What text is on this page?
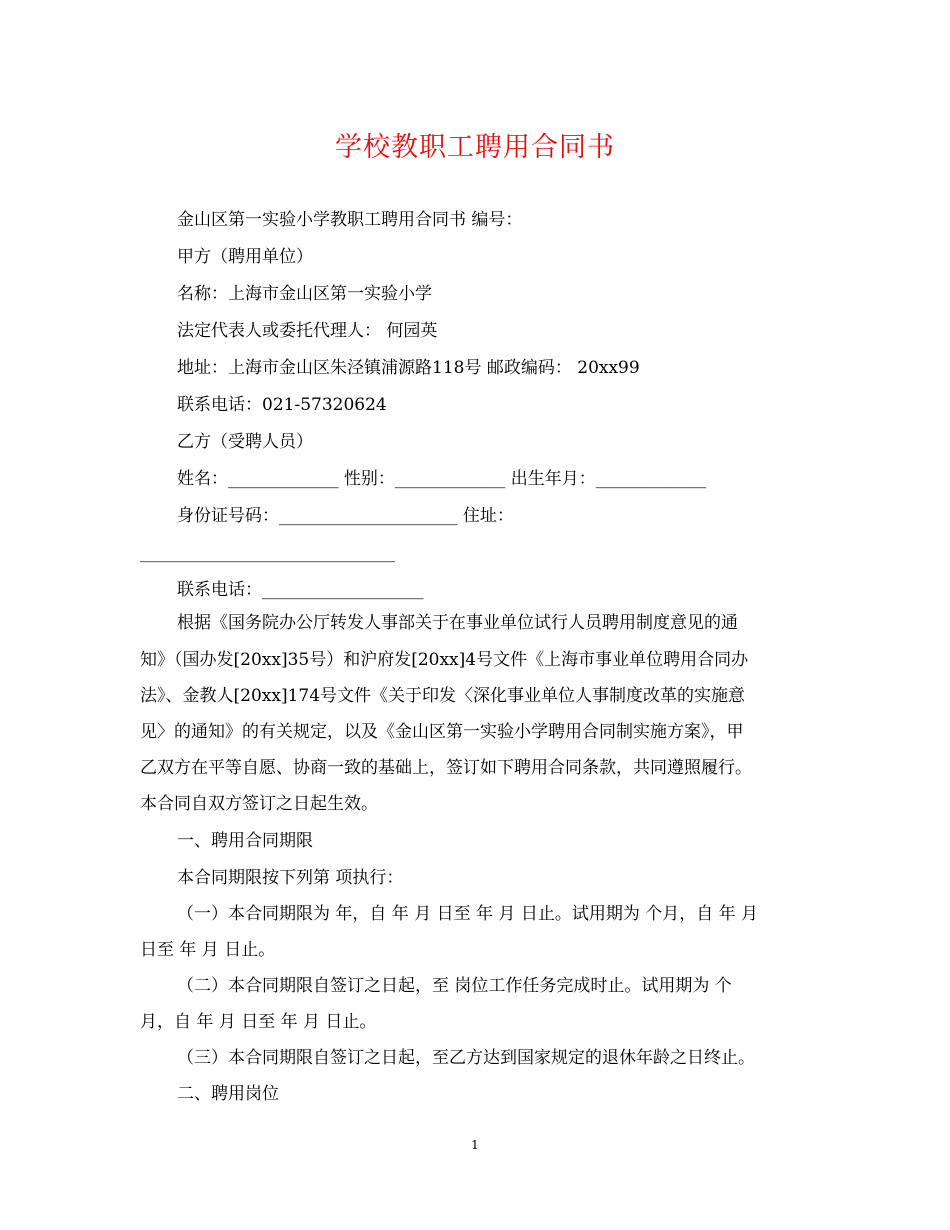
学校教职工聘用合同书
金山区第一实验小学教职工聘用合同书 编号：
甲方（聘用单位）
名称：上海市金山区第一实验小学
法定代表人或委托代理人： 何园英
地址：上海市金山区朱泾镇浦源路118号 邮政编码： 20xx99
联系电话：021-57320624
乙方（受聘人员）
姓名：_____________ 性别：_____________ 出生年月：_____________
身份证号码：_____________________ 住址：
______________________________
联系电话：___________________
根据《国务院办公厅转发人事部关于在事业单位试行人员聘用制度意见的通
知》（国办发[20xx]35号）和沪府发[20xx]4号文件《上海市事业单位聘用合同办
法》、金教人[20xx]174号文件《关于印发〈深化事业单位人事制度改革的实施意
见〉的通知》的有关规定，以及《金山区第一实验小学聘用合同制实施方案》，甲
乙双方在平等自愿、协商一致的基础上，签订如下聘用合同条款，共同遵照履行。
本合同自双方签订之日起生效。
一、聘用合同期限
本合同期限按下列第 项执行：
（一）本合同期限为 年，自 年 月 日至 年 月 日止。试用期为 个月，自 年 月
日至 年 月 日止。
（二）本合同期限自签订之日起，至 岗位工作任务完成时止。试用期为 个
月，自 年 月 日至 年 月 日止。
（三）本合同期限自签订之日起，至乙方达到国家规定的退休年龄之日终止。
二、聘用岗位
1
